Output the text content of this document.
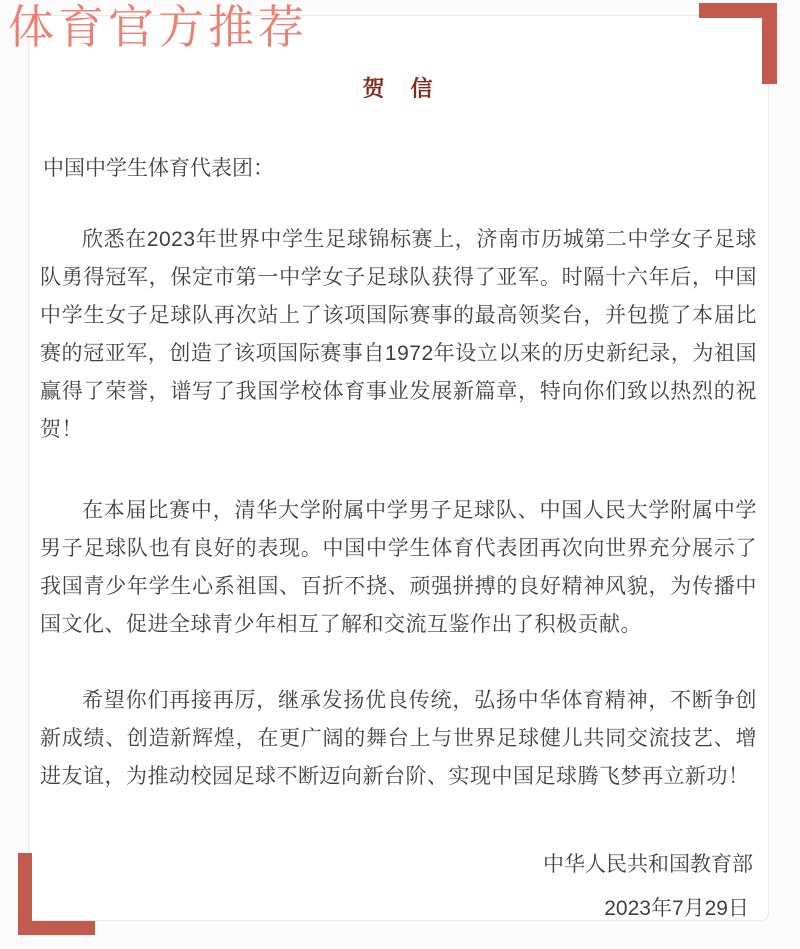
体育官方推荐
贺　信
中国中学生体育代表团：

欣悉在2023年世界中学生足球锦标赛上，济南市历城第二中学女子足球队勇得冠军，保定市第一中学女子足球队获得了亚军。时隔十六年后，中国中学生女子足球队再次站上了该项国际赛事的最高领奖台，并包揽了本届比赛的冠亚军，创造了该项国际赛事自1972年设立以来的历史新纪录，为祖国赢得了荣誉，谱写了我国学校体育事业发展新篇章，特向你们致以热烈的祝贺！

在本届比赛中，清华大学附属中学男子足球队、中国人民大学附属中学男子足球队也有良好的表现。中国中学生体育代表团再次向世界充分展示了我国青少年学生心系祖国、百折不挠、顽强拼搏的良好精神风貌，为传播中国文化、促进全球青少年相互了解和交流互鉴作出了积极贡献。

希望你们再接再厉，继承发扬优良传统，弘扬中华体育精神，不断争创新成绩、创造新辉煌，在更广阔的舞台上与世界足球健儿共同交流技艺、增进友谊，为推动校园足球不断迈向新台阶、实现中国足球腾飞梦再立新功！

中华人民共和国教育部
2023年7月29日
